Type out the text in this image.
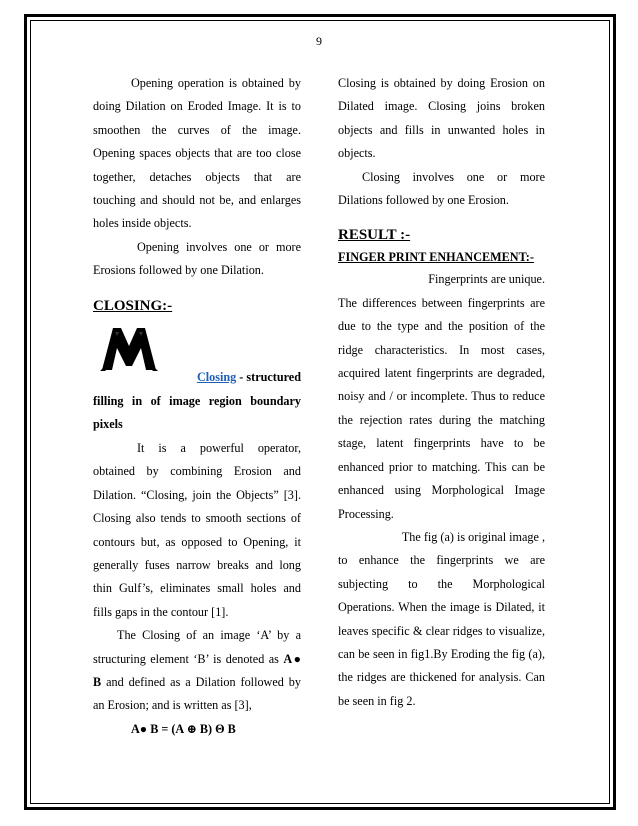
9

Opening operation is obtained by doing Dilation on Eroded Image. It is to smoothen the curves of the image. Opening spaces objects that are too close together, detaches objects that are touching and should not be, and enlarges holes inside objects.

Opening involves one or more Erosions followed by one Dilation.

CLOSING:-
Closing - structured

filling in of image region boundary pixels

It is a powerful operator, obtained by combining Erosion and Dilation. “Closing, join the Objects” [3]. Closing also tends to smooth sections of contours but, as opposed to Opening, it generally fuses narrow breaks and long thin Gulf’s, eliminates small holes and fills gaps in the contour [1].

The Closing of an image ‘A’ by a structuring element ‘B’ is denoted as A● B and defined as a Dilation followed by an Erosion; and is written as [3],

A● B = (A ⊕ B) Θ B

Closing is obtained by doing Erosion on Dilated image. Closing joins broken objects and fills in unwanted holes in objects.

Closing involves one or more Dilations followed by one Erosion.

RESULT :-
FINGER PRINT ENHANCEMENT:-

Fingerprints are unique.

The differences between fingerprints are due to the type and the position of the ridge characteristics. In most cases, acquired latent fingerprints are degraded, noisy and / or incomplete. Thus to reduce the rejection rates during the matching stage, latent fingerprints have to be enhanced prior to matching. This can be enhanced using Morphological Image Processing.

The fig (a) is original image ,

to enhance the fingerprints we are subjecting to the Morphological Operations. When the image is Dilated, it leaves specific & clear ridges to visualize, can be seen in fig1.By Eroding the fig (a), the ridges are thickened for analysis. Can be seen in fig 2.
